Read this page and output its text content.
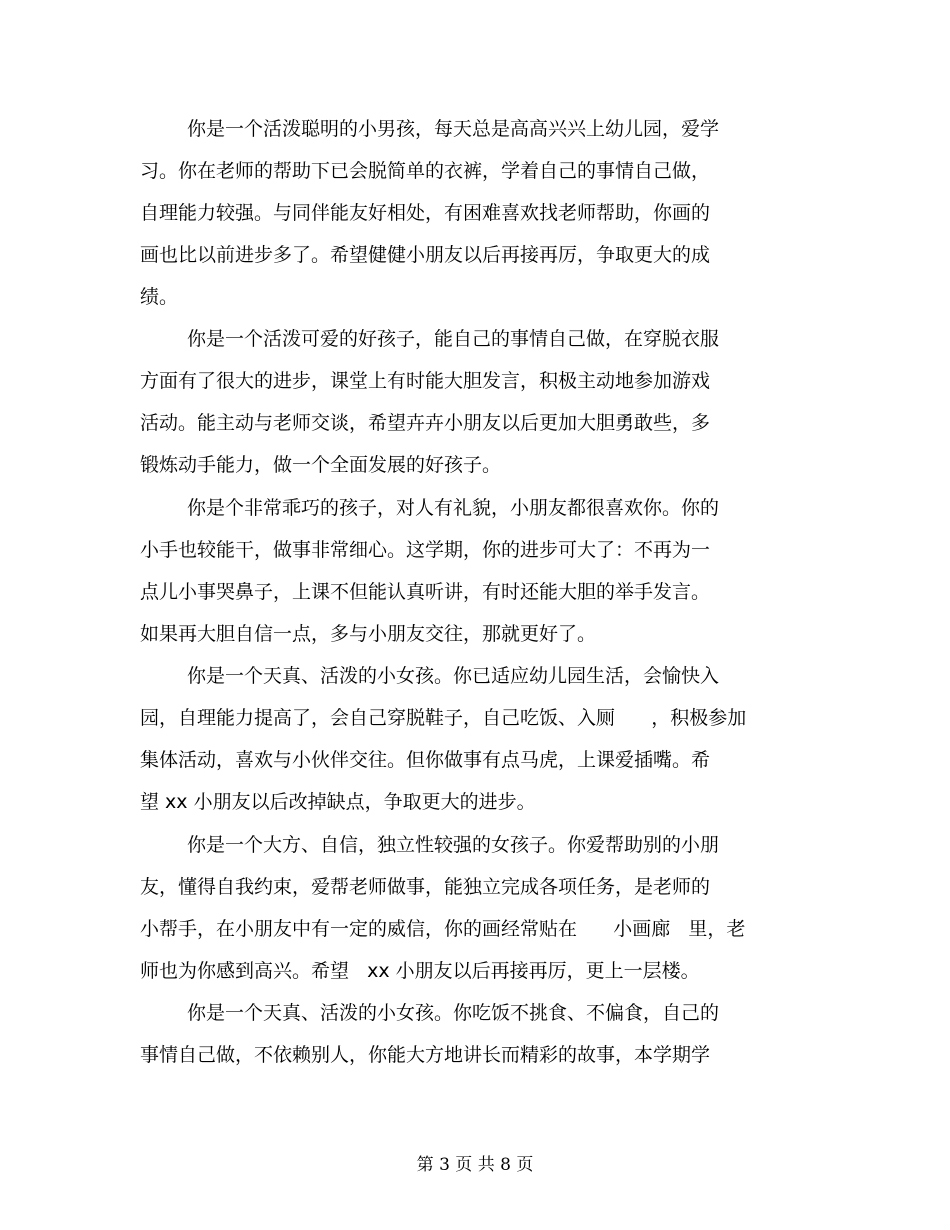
你是一个活泼聪明的小男孩，每天总是高高兴兴上幼儿园，爱学
习。你在老师的帮助下已会脱简单的衣裤，学着自己的事情自己做，
自理能力较强。与同伴能友好相处，有困难喜欢找老师帮助，你画的
画也比以前进步多了。希望健健小朋友以后再接再厉，争取更大的成
绩。
你是一个活泼可爱的好孩子，能自己的事情自己做，在穿脱衣服
方面有了很大的进步，课堂上有时能大胆发言，积极主动地参加游戏
活动。能主动与老师交谈，希望卉卉小朋友以后更加大胆勇敢些，多
锻炼动手能力，做一个全面发展的好孩子。
你是个非常乖巧的孩子，对人有礼貌，小朋友都很喜欢你。你的
小手也较能干，做事非常细心。这学期，你的进步可大了：不再为一
点儿小事哭鼻子，上课不但能认真听讲，有时还能大胆的举手发言。
如果再大胆自信一点，多与小朋友交往，那就更好了。
你是一个天真、活泼的小女孩。你已适应幼儿园生活，会愉快入
园，自理能力提高了，会自己穿脱鞋子，自己吃饭、入厕      ，积极参加
集体活动，喜欢与小伙伴交往。但你做事有点马虎，上课爱插嘴。希
望 xx 小朋友以后改掉缺点，争取更大的进步。
你是一个大方、自信，独立性较强的女孩子。你爱帮助别的小朋
友，懂得自我约束，爱帮老师做事，能独立完成各项任务，是老师的
小帮手，在小朋友中有一定的威信，你的画经常贴在      小画廊   里，老
师也为你感到高兴。希望   xx 小朋友以后再接再厉，更上一层楼。
你是一个天真、活泼的小女孩。你吃饭不挑食、不偏食，自己的
事情自己做，不依赖别人，你能大方地讲长而精彩的故事，本学期学
第 3 页 共 8 页
